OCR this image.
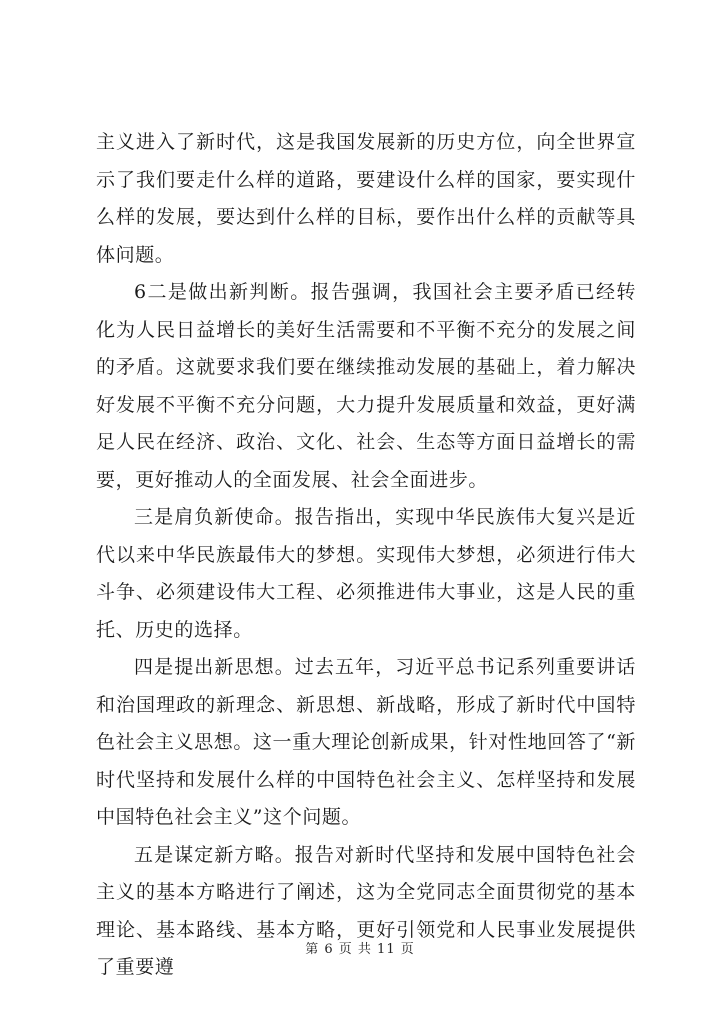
主义进入了新时代，这是我国发展新的历史方位，向全世界宣示了我们要走什么样的道路，要建设什么样的国家，要实现什么样的发展，要达到什么样的目标，要作出什么样的贡献等具体问题。

6二是做出新判断。报告强调，我国社会主要矛盾已经转化为人民日益增长的美好生活需要和不平衡不充分的发展之间的矛盾。这就要求我们要在继续推动发展的基础上，着力解决好发展不平衡不充分问题，大力提升发展质量和效益，更好满足人民在经济、政治、文化、社会、生态等方面日益增长的需要，更好推动人的全面发展、社会全面进步。

三是肩负新使命。报告指出，实现中华民族伟大复兴是近代以来中华民族最伟大的梦想。实现伟大梦想，必须进行伟大斗争、必须建设伟大工程、必须推进伟大事业，这是人民的重托、历史的选择。

四是提出新思想。过去五年，习近平总书记系列重要讲话和治国理政的新理念、新思想、新战略，形成了新时代中国特色社会主义思想。这一重大理论创新成果，针对性地回答了“新时代坚持和发展什么样的中国特色社会主义、怎样坚持和发展中国特色社会主义”这个问题。

五是谋定新方略。报告对新时代坚持和发展中国特色社会主义的基本方略进行了阐述，这为全党同志全面贯彻党的基本理论、基本路线、基本方略，更好引领党和人民事业发展提供了重要遵

第 6 页 共 11 页
